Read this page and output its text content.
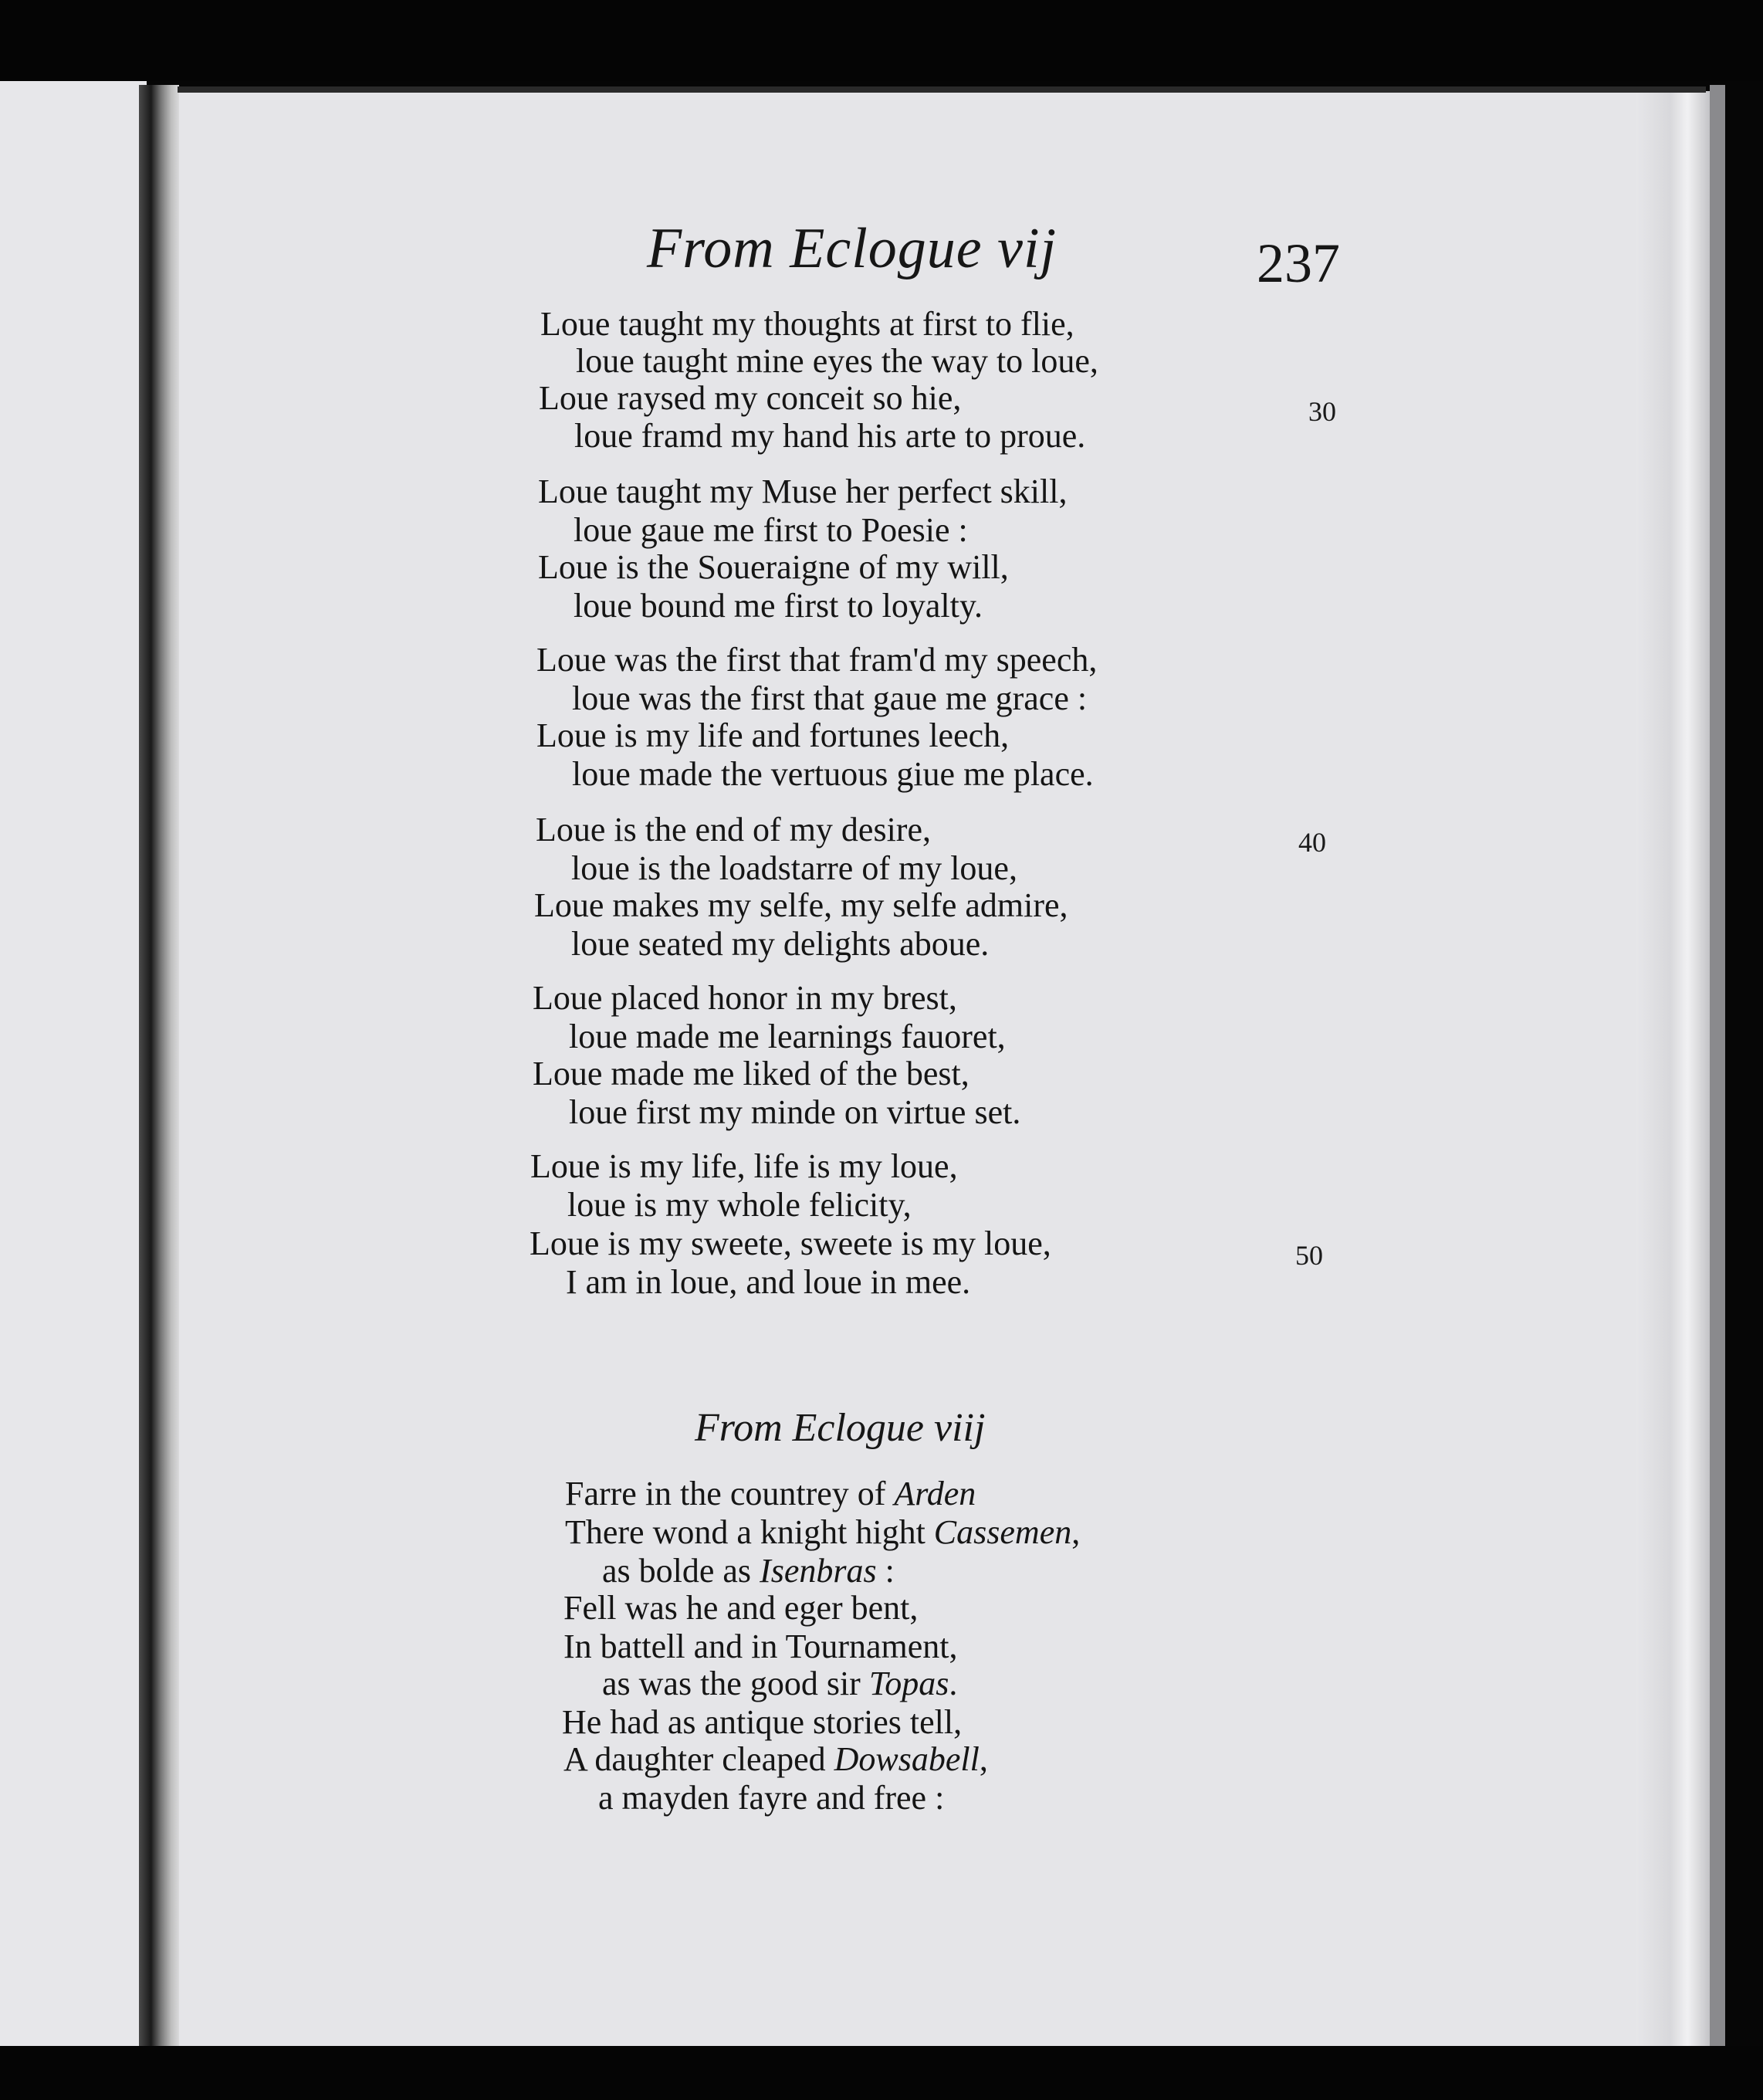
From Eclogue vij	237
Loue taught my thoughts at first to flie,
loue taught mine eyes the way to loue,
Loue raysed my conceit so hie,
loue framd my hand his arte to proue.
Loue taught my Muse her perfect skill,
loue gaue me first to Poesie :
Loue is the Soueraigne of my will,
loue bound me first to loyalty.
Loue was the first that fram'd my speech,
loue was the first that gaue me grace :
Loue is my life and fortunes leech,
loue made the vertuous giue me place.
Loue is the end of my desire,
loue is the loadstarre of my loue,
Loue makes my selfe, my selfe admire,
loue seated my delights aboue.
Loue placed honor in my brest,
loue made me learnings fauoret,
Loue made me liked of the best,
loue first my minde on virtue set.
Loue is my life, life is my loue,
loue is my whole felicity,
Loue is my sweete, sweete is my loue,
I am in loue, and loue in mee.
30
40
50
From Eclogue viij
Farre in the countrey of Arden
There wond a knight hight Cassemen,
as bolde as Isenbras :
Fell was he and eger bent,
In battell and in Tournament,
as was the good sir Topas.
He had as antique stories tell,
A daughter cleaped Dowsabell,
a mayden fayre and free :
